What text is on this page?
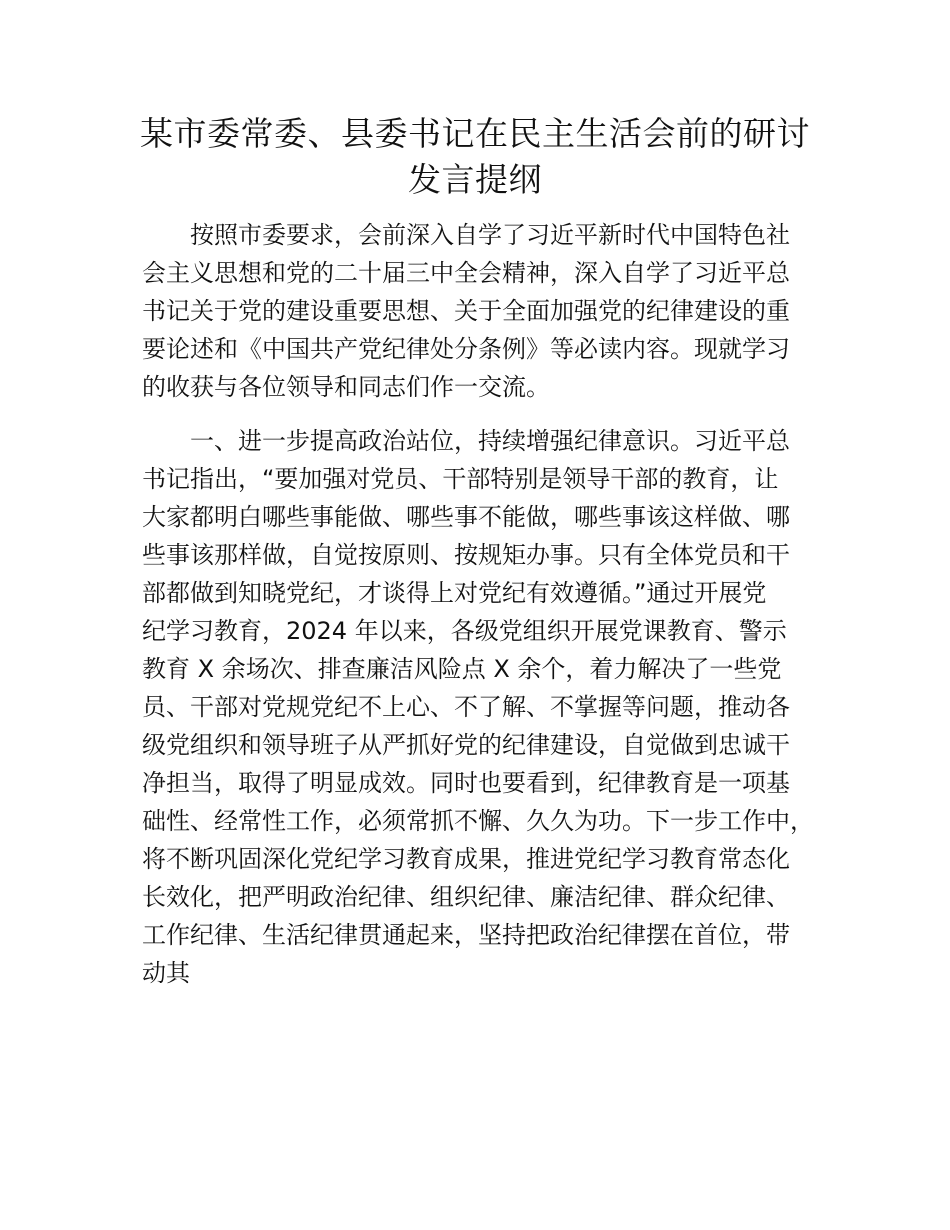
某市委常委、县委书记在民主生活会前的研讨
发言提纲

　　按照市委要求，会前深入自学了习近平新时代中国特色社

会主义思想和党的二十届三中全会精神，深入自学了习近平总

书记关于党的建设重要思想、关于全面加强党的纪律建设的重

要论述和《中国共产党纪律处分条例》等必读内容。现就学习

的收获与各位领导和同志们作一交流。

　　一、进一步提高政治站位，持续增强纪律意识。习近平总

书记指出，“要加强对党员、干部特别是领导干部的教育，让

大家都明白哪些事能做、哪些事不能做，哪些事该这样做、哪

些事该那样做，自觉按原则、按规矩办事。只有全体党员和干

部都做到知晓党纪，才谈得上对党纪有效遵循。”通过开展党

纪学习教育，2024 年以来，各级党组织开展党课教育、警示

教育 X 余场次、排查廉洁风险点 X 余个，着力解决了一些党

员、干部对党规党纪不上心、不了解、不掌握等问题，推动各

级党组织和领导班子从严抓好党的纪律建设，自觉做到忠诚干

净担当，取得了明显成效。同时也要看到，纪律教育是一项基

础性、经常性工作，必须常抓不懈、久久为功。下一步工作中，

将不断巩固深化党纪学习教育成果，推进党纪学习教育常态化

长效化，把严明政治纪律、组织纪律、廉洁纪律、群众纪律、

工作纪律、生活纪律贯通起来，坚持把政治纪律摆在首位，带

动其
